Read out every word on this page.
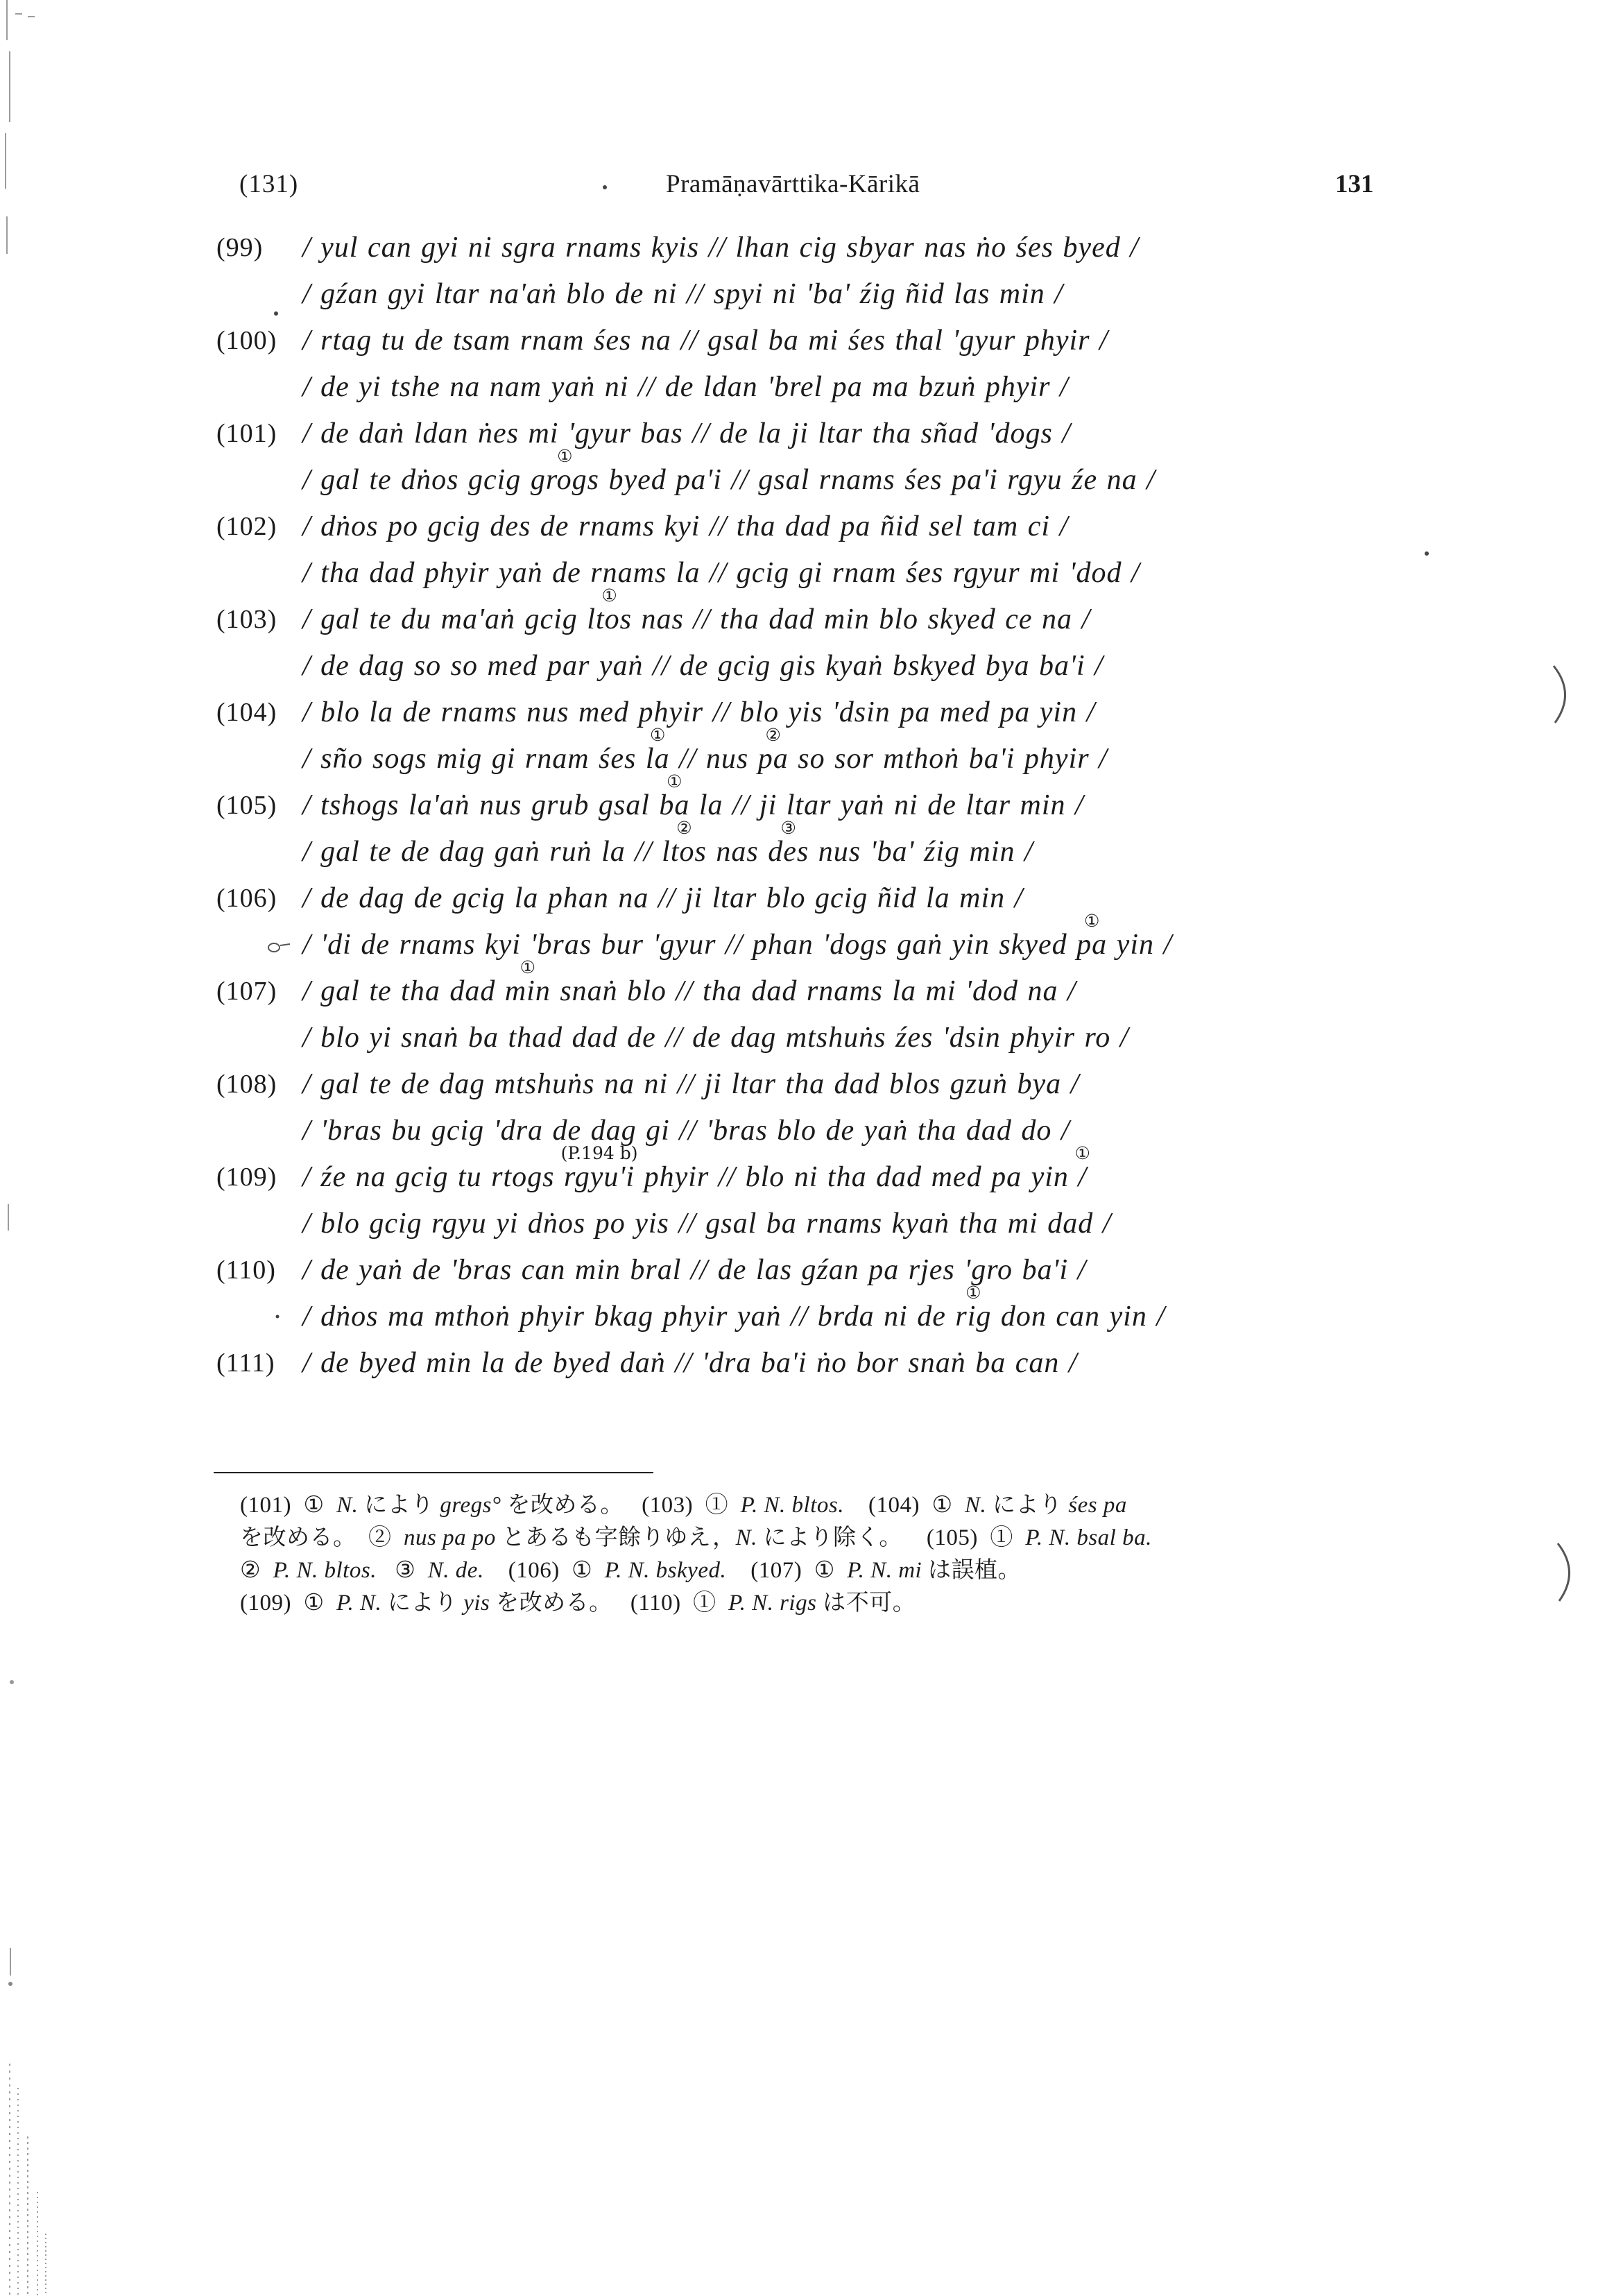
(131)	Pramāṇavārttika-Kārikā	131
(99) / yul can gyi ni sgra rnams kyis // lhan cig sbyar nas ṅo śes byed /
/ gźan gyi ltar na'aṅ blo de ni // spyi ni 'ba' źig ñid las min /
(100) / rtag tu de tsam rnam śes na // gsal ba mi śes thal 'gyur phyir /
/ de yi tshe na nam yaṅ ni // de ldan 'brel pa ma bzuṅ phyir /
(101) / de daṅ ldan ṅes mi 'gyur bas // de la ji ltar tha sñad 'dogs /
/ gal te dṅos gcig
①
grogs byed pa'i // gsal rnams śes pa'i rgyu źe na /
(102) / dṅos po gcig des de rnams kyi // tha dad pa ñid sel tam ci /
/ tha dad phyir yaṅ de rnams la // gcig gi rnam śes rgyur mi 'dod /
(103) / gal te du ma'aṅ gcig
①
ltos nas // tha dad min blo skyed ce na /
/ de dag so so med par yaṅ // de gcig gis kyaṅ bskyed bya ba'i /
(104) / blo la de rnams nus med phyir // blo yis 'dsin pa med pa yin /
/ sño sogs mig gi rnam śes
①
la // nus
②
pa so sor mthoṅ ba'i phyir /
(105) / tshogs la'aṅ nus grub gsal
①
ba la // ji ltar yaṅ ni de ltar min /
/ gal te de dag gaṅ ruṅ la //
②
ltos nas
③
des nus 'ba' źig min /
(106) / de dag de gcig la phan na // ji ltar blo gcig ñid la min /
/ 'di de rnams kyi 'bras bur 'gyur // phan 'dogs gaṅ yin skyed
①
pa yin /
(107) / gal te tha dad
①
min snaṅ blo // tha dad rnams la mi 'dod na /
/ blo yi snaṅ ba thad dad de // de dag mtshuṅs źes 'dsin phyir ro /
(108) / gal te de dag mtshuṅs na ni // ji ltar tha dad blos gzuṅ bya /
/ 'bras bu gcig 'dra de dag gi // 'bras blo de yaṅ tha dad do /
(109) / źe na gcig tu rtogs
(P.194 b)
rgyu'i phyir // blo ni tha dad med pa yin
①
/
/ blo gcig rgyu yi dṅos po yis // gsal ba rnams kyaṅ tha mi dad /
(110) / de yaṅ de 'bras can min bral // de las gźan pa rjes 'gro ba'i /
/ dṅos ma mthoṅ phyir bkag phyir yaṅ // brda ni de
①
rig don can yin /
(111) / de byed min la de byed daṅ // 'dra ba'i ṅo bor snaṅ ba can /
(101)  ①  N. により gregs° を改める。   (103)  ①  P. N. bltos.    (104)  ①  N. により śes pa
を改める。  ②  nus pa po とあるも字餘りゆえ，N. により除く。    (105)  ①  P. N. bsal ba.
②  P. N. bltos.   ③  N. de.    (106)  ①  P. N. bskyed.    (107)  ①  P. N. mi は誤植。
(109)  ①  P. N. により yis を改める。   (110)  ①  P. N. rigs は不可。
